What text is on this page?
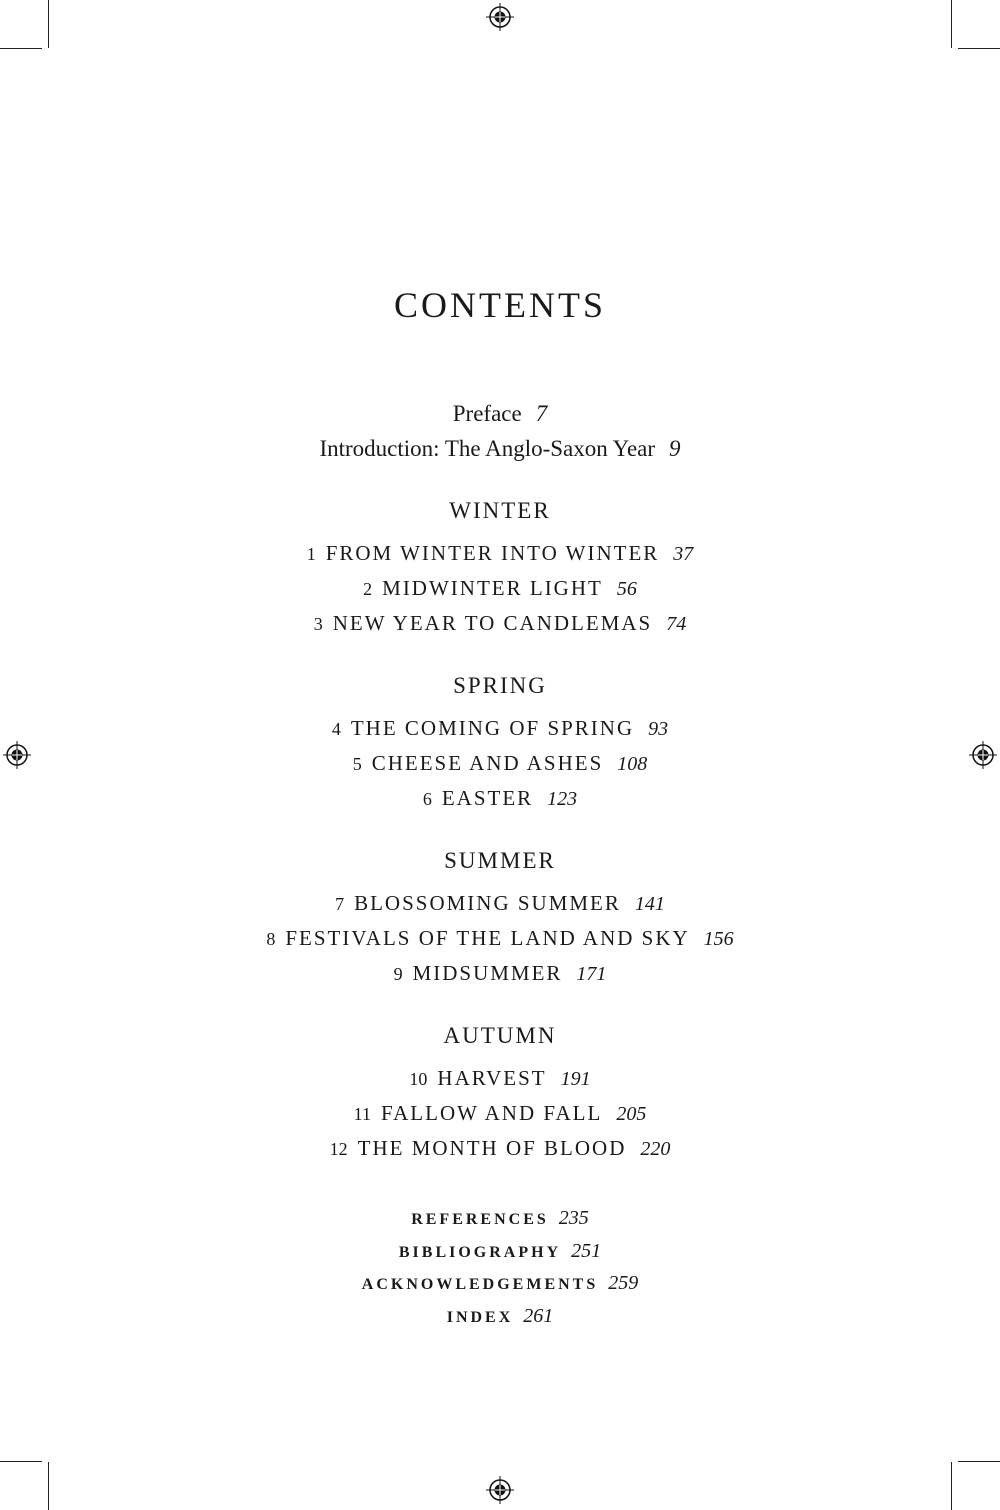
CONTENTS
Preface 7
Introduction: The Anglo-Saxon Year 9
WINTER
1 FROM WINTER INTO WINTER 37
2 MIDWINTER LIGHT 56
3 NEW YEAR TO CANDLEMAS 74
SPRING
4 THE COMING OF SPRING 93
5 CHEESE AND ASHES 108
6 EASTER 123
SUMMER
7 BLOSSOMING SUMMER 141
8 FESTIVALS OF THE LAND AND SKY 156
9 MIDSUMMER 171
AUTUMN
10 HARVEST 191
11 FALLOW AND FALL 205
12 THE MONTH OF BLOOD 220
REFERENCES 235
BIBLIOGRAPHY 251
ACKNOWLEDGEMENTS 259
INDEX 261
